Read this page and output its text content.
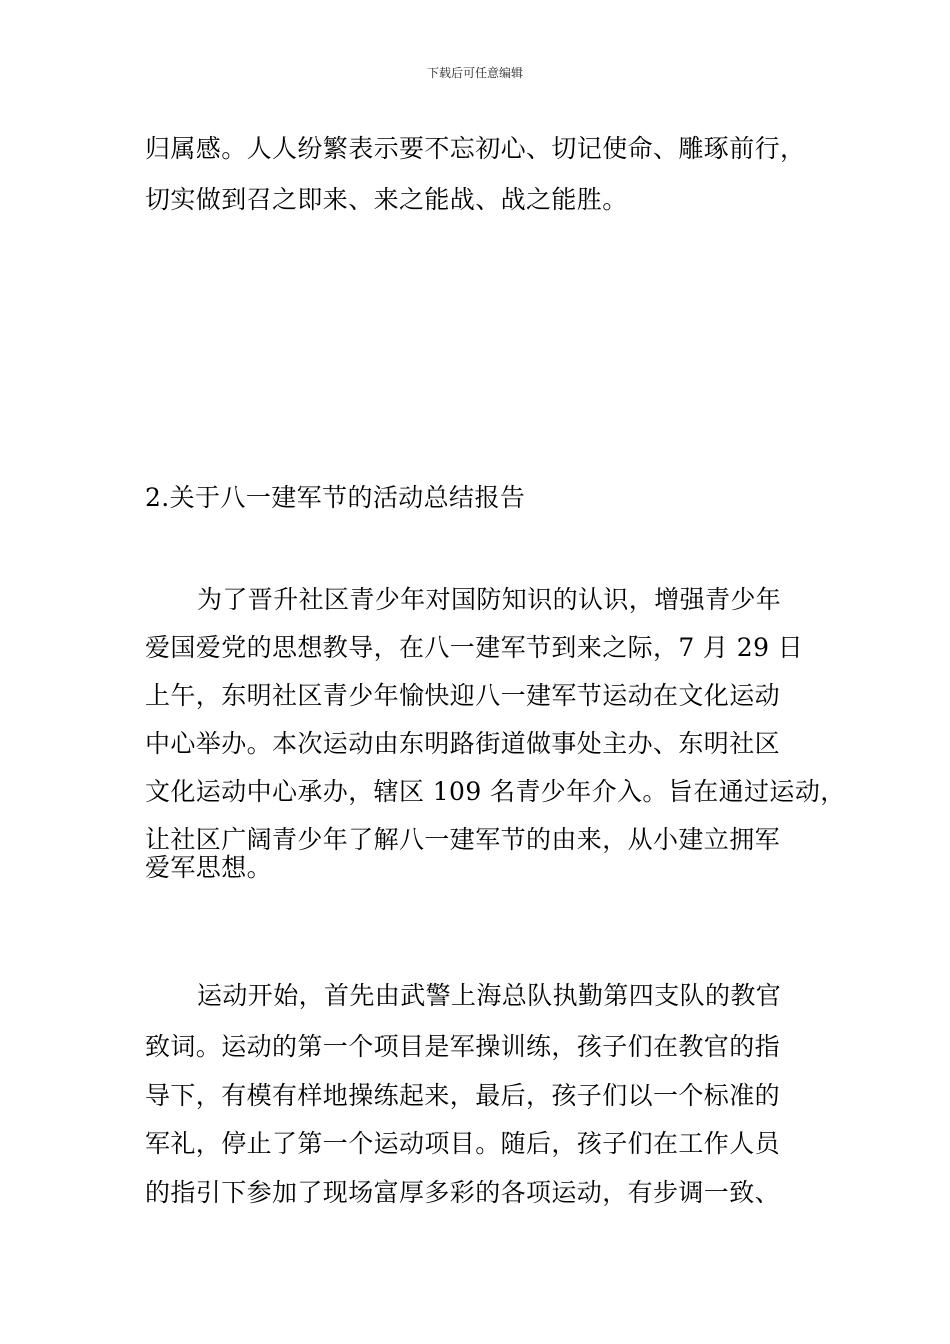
下载后可任意编辑
归属感。人人纷繁表示要不忘初心、切记使命、雕琢前行，
切实做到召之即来、来之能战、战之能胜。
2.关于八一建军节的活动总结报告
为了晋升社区青少年对国防知识的认识，增强青少年
爱国爱党的思想教导，在八一建军节到来之际，7 月 29 日
上午，东明社区青少年愉快迎八一建军节运动在文化运动
中心举办。本次运动由东明路街道做事处主办、东明社区
文化运动中心承办，辖区 109 名青少年介入。旨在通过运动，
让社区广阔青少年了解八一建军节的由来，从小建立拥军
爱军思想。
运动开始，首先由武警上海总队执勤第四支队的教官
致词。运动的第一个项目是军操训练，孩子们在教官的指
导下，有模有样地操练起来，最后，孩子们以一个标准的
军礼，停止了第一个运动项目。随后，孩子们在工作人员
的指引下参加了现场富厚多彩的各项运动，有步调一致、
